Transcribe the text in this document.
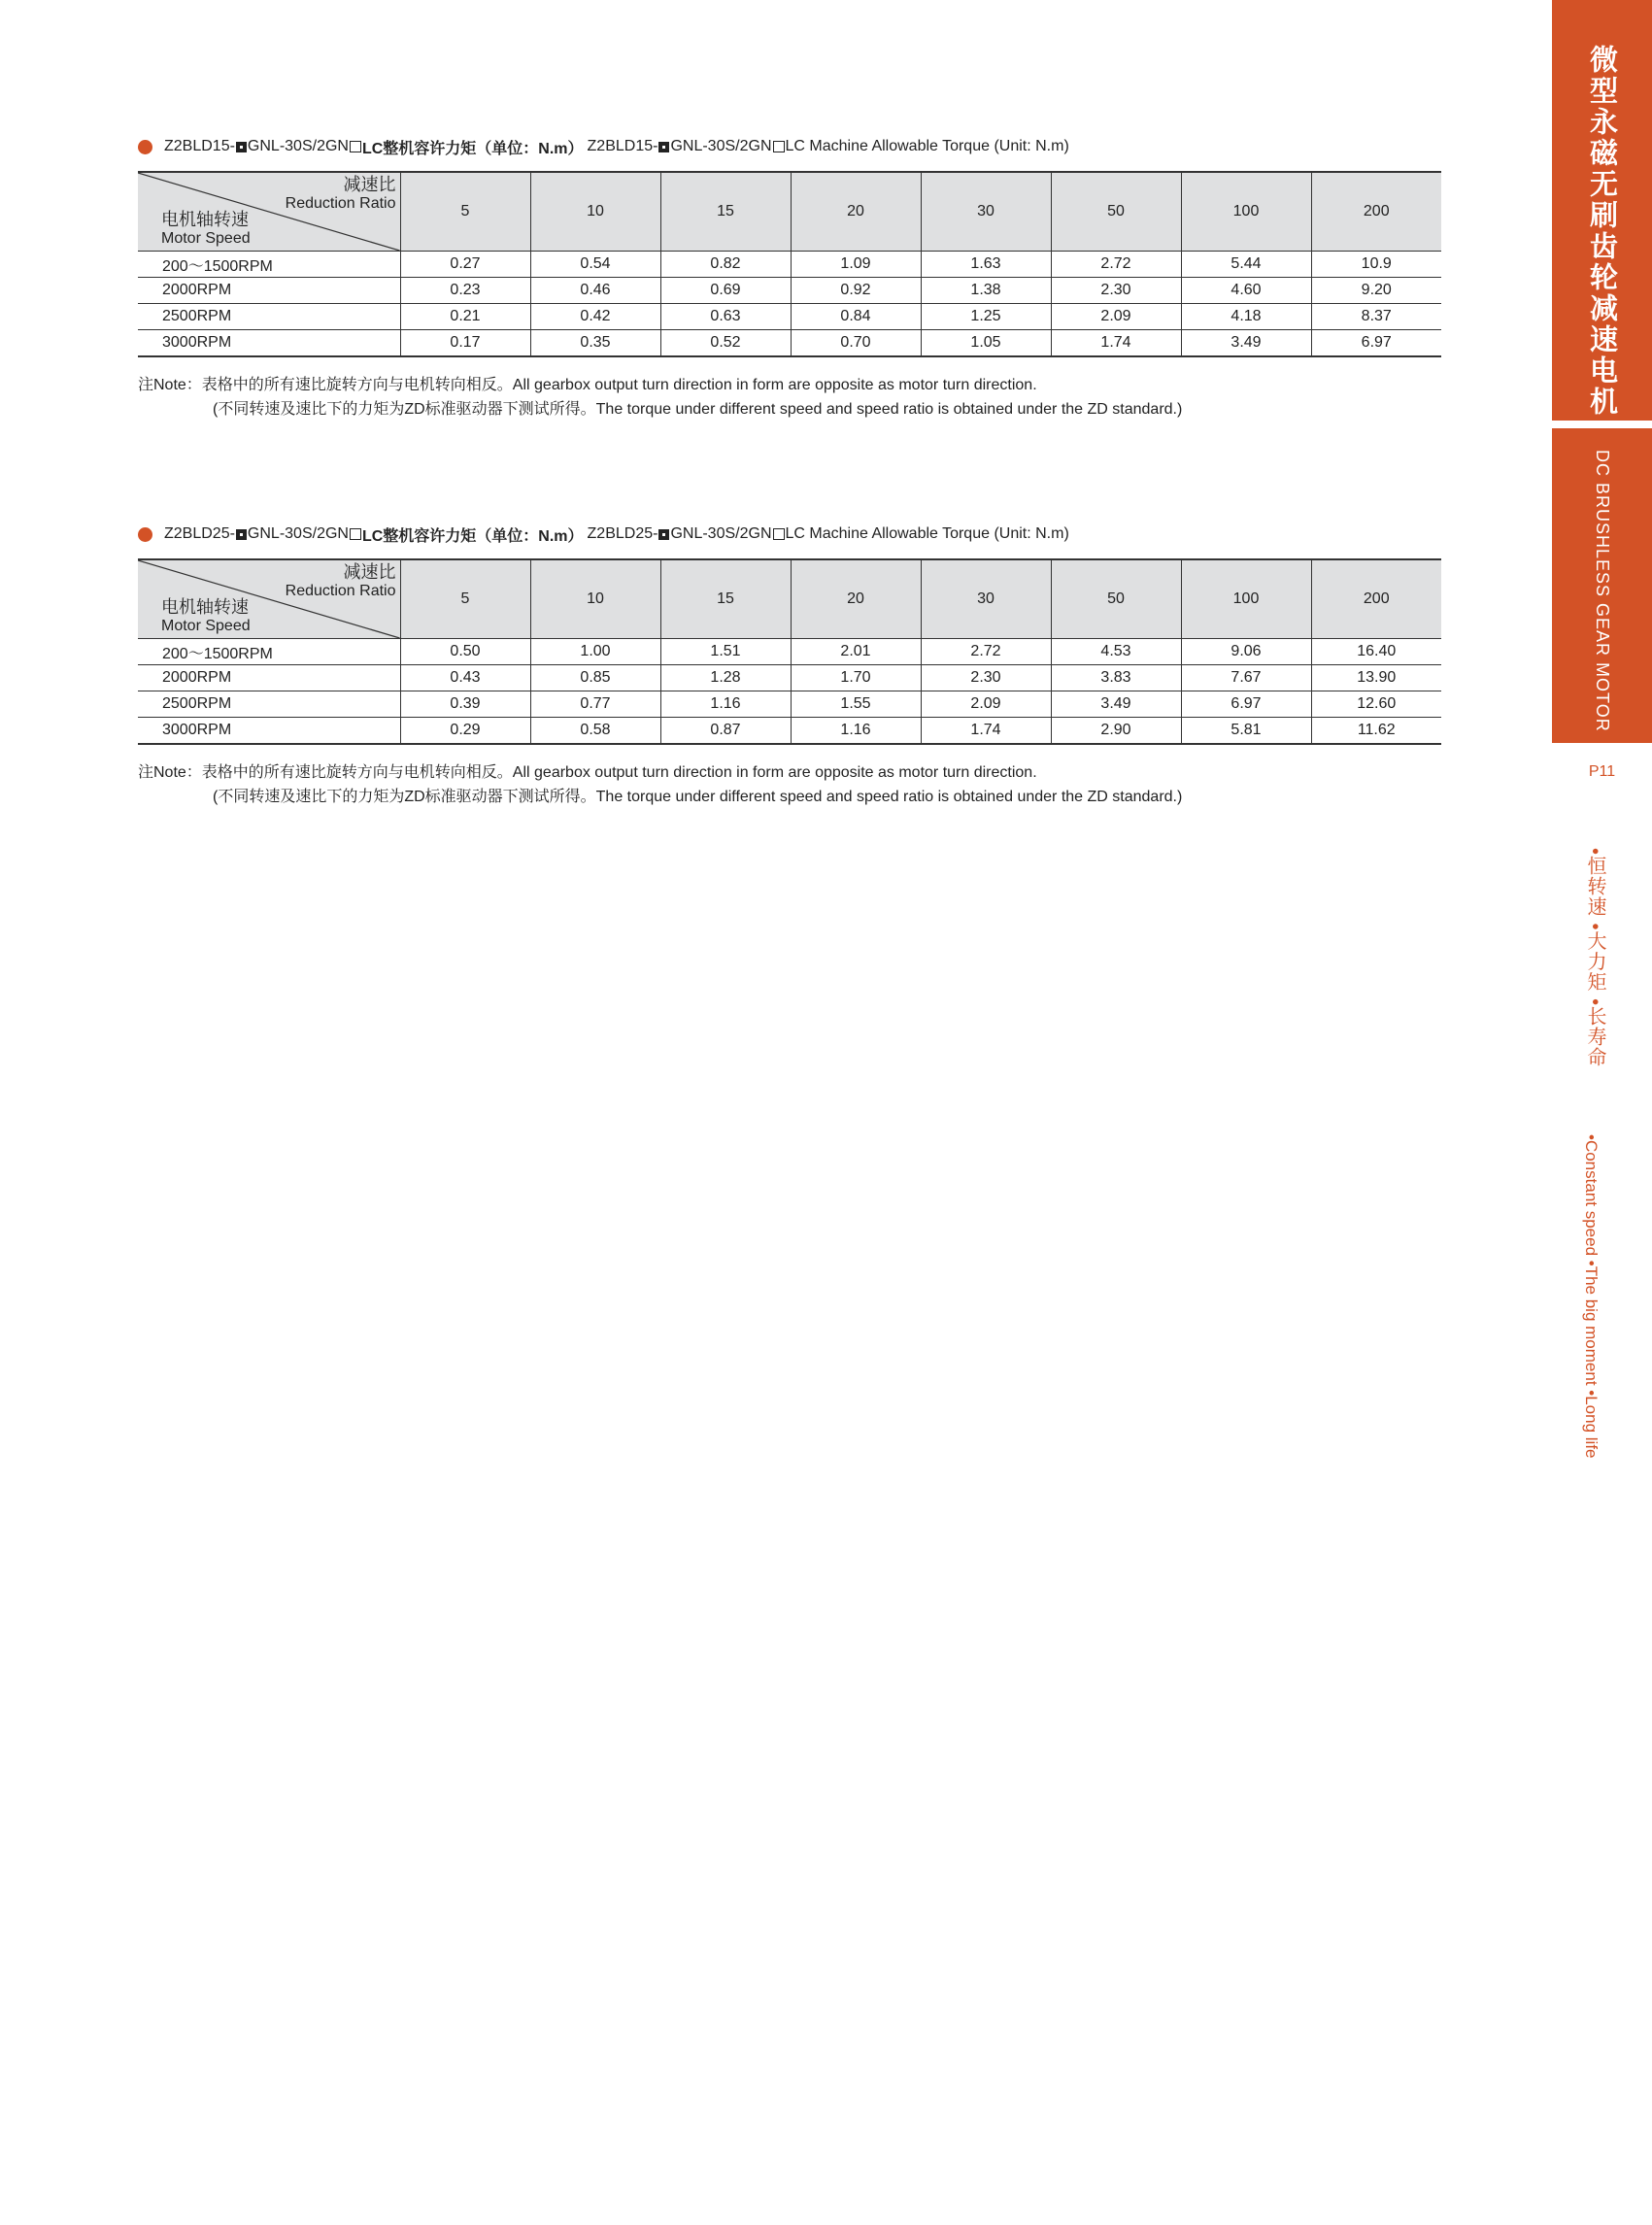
Z2BLD15- GNL-30S/2GN LC整机容许力矩（单位：N.m） Z2BLD15- GNL-30S/2GN LC Machine Allowable Torque (Unit: N.m)
减速比
Reduction Ratio
电机轴转速
Motor Speed	5	10	15	20	30	50	100	200
200～1500RPM	0.27	0.54	0.82	1.09	1.63	2.72	5.44	10.9
2000RPM	0.23	0.46	0.69	0.92	1.38	2.30	4.60	9.20
2500RPM	0.21	0.42	0.63	0.84	1.25	2.09	4.18	8.37
3000RPM	0.17	0.35	0.52	0.70	1.05	1.74	3.49	6.97
注Note：表格中的所有速比旋转方向与电机转向相反。All gearbox output turn direction in form are opposite as motor turn direction.
(不同转速及速比下的力矩为ZD标准驱动器下测试所得。The torque under different speed and speed ratio is obtained under the ZD standard.)
Z2BLD25- GNL-30S/2GN LC整机容许力矩（单位：N.m） Z2BLD25- GNL-30S/2GN LC Machine Allowable Torque (Unit: N.m)
减速比
Reduction Ratio
电机轴转速
Motor Speed	5	10	15	20	30	50	100	200
200～1500RPM	0.50	1.00	1.51	2.01	2.72	4.53	9.06	16.40
2000RPM	0.43	0.85	1.28	1.70	2.30	3.83	7.67	13.90
2500RPM	0.39	0.77	1.16	1.55	2.09	3.49	6.97	12.60
3000RPM	0.29	0.58	0.87	1.16	1.74	2.90	5.81	11.62
注Note：表格中的所有速比旋转方向与电机转向相反。All gearbox output turn direction in form are opposite as motor turn direction.
(不同转速及速比下的力矩为ZD标准驱动器下测试所得。The torque under different speed and speed ratio is obtained under the ZD standard.)
微型永磁无刷齿轮减速电机
DC BRUSHLESS GEAR MOTOR
P11
•恒转速 •大力矩 •长寿命
•Constant speed •The big moment •Long life
